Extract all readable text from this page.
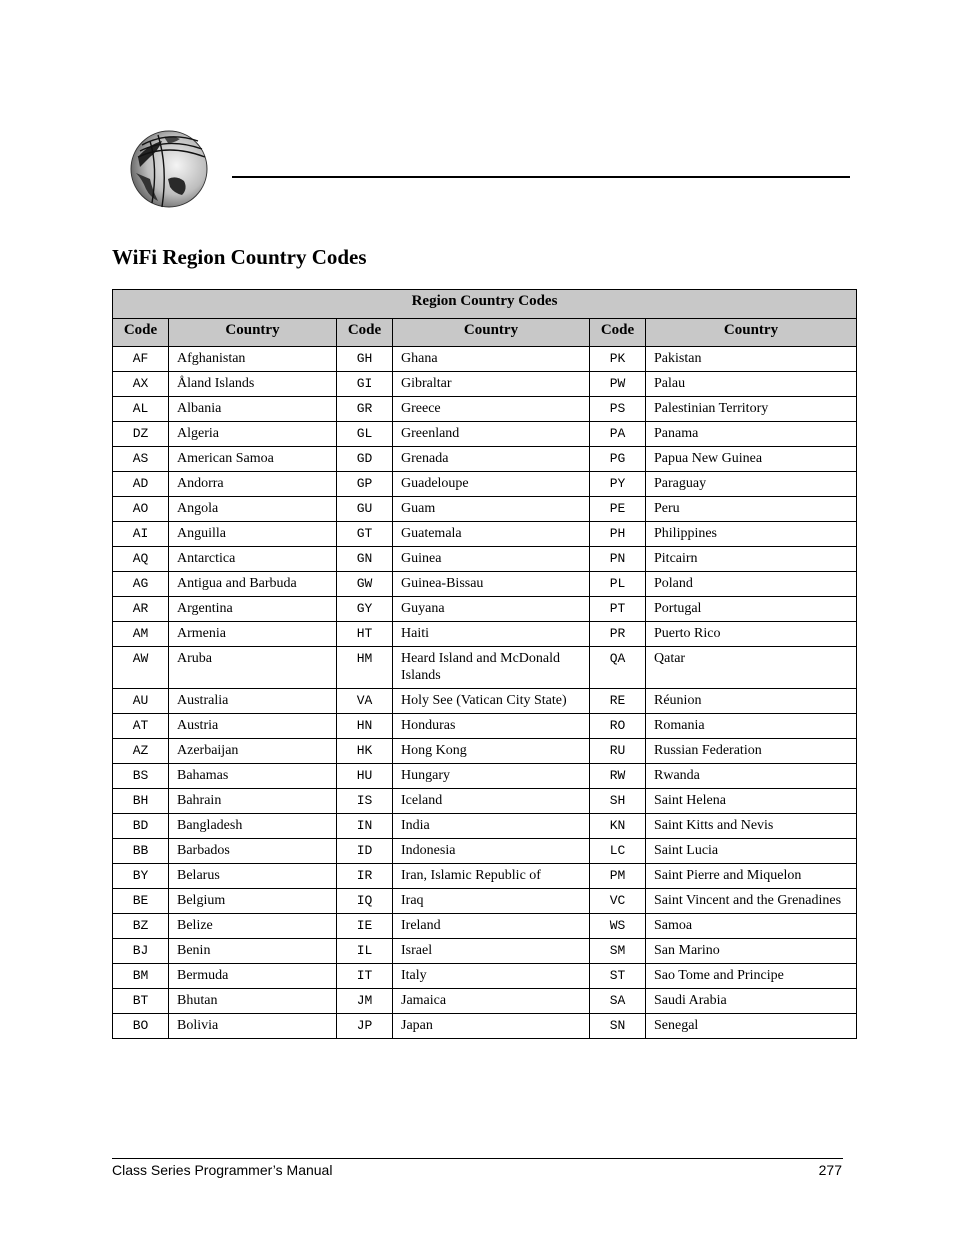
WiFi Region Country Codes
Region Country Codes					
Code	Country	Code	Country	Code	Country
AF	Afghanistan	GH	Ghana	PK	Pakistan
AX	Åland Islands	GI	Gibraltar	PW	Palau
AL	Albania	GR	Greece	PS	Palestinian Territory
DZ	Algeria	GL	Greenland	PA	Panama
AS	American Samoa	GD	Grenada	PG	Papua New Guinea
AD	Andorra	GP	Guadeloupe	PY	Paraguay
AO	Angola	GU	Guam	PE	Peru
AI	Anguilla	GT	Guatemala	PH	Philippines
AQ	Antarctica	GN	Guinea	PN	Pitcairn
AG	Antigua and Barbuda	GW	Guinea-Bissau	PL	Poland
AR	Argentina	GY	Guyana	PT	Portugal
AM	Armenia	HT	Haiti	PR	Puerto Rico
AW	Aruba	HM	Heard Island and McDonald Islands	QA	Qatar
AU	Australia	VA	Holy See (Vatican City State)	RE	Réunion
AT	Austria	HN	Honduras	RO	Romania
AZ	Azerbaijan	HK	Hong Kong	RU	Russian Federation
BS	Bahamas	HU	Hungary	RW	Rwanda
BH	Bahrain	IS	Iceland	SH	Saint Helena
BD	Bangladesh	IN	India	KN	Saint Kitts and Nevis
BB	Barbados	ID	Indonesia	LC	Saint Lucia
BY	Belarus	IR	Iran, Islamic Republic of	PM	Saint Pierre and Miquelon
BE	Belgium	IQ	Iraq	VC	Saint Vincent and the Grenadines
BZ	Belize	IE	Ireland	WS	Samoa
BJ	Benin	IL	Israel	SM	San Marino
BM	Bermuda	IT	Italy	ST	Sao Tome and Principe
BT	Bhutan	JM	Jamaica	SA	Saudi Arabia
BO	Bolivia	JP	Japan	SN	Senegal
Class Series Programmer’s Manual	277
